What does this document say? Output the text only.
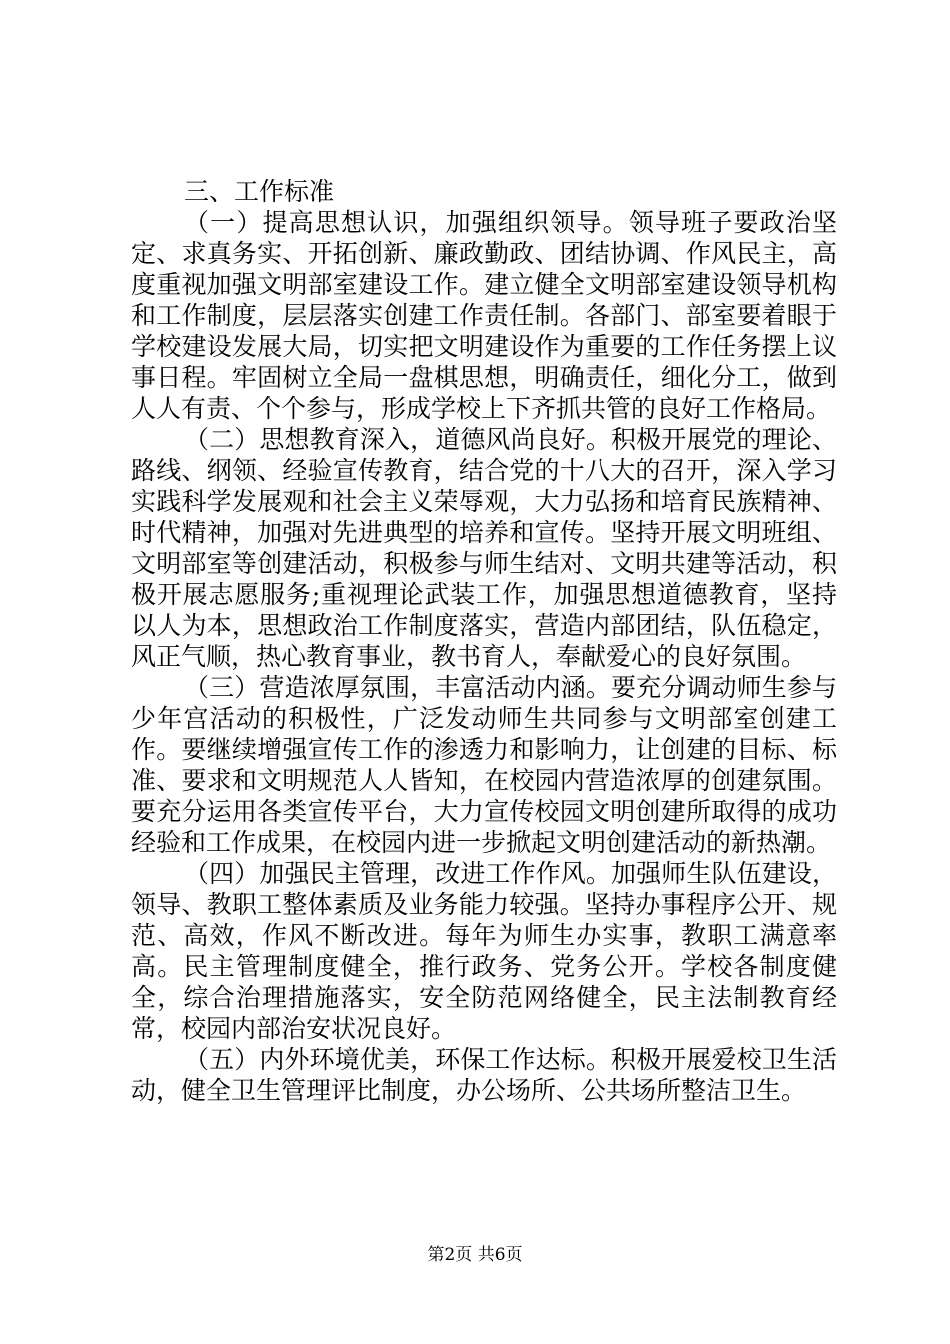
三、工作标准

（一）提高思想认识，加强组织领导。领导班子要政治坚定、求真务实、开拓创新、廉政勤政、团结协调、作风民主，高度重视加强文明部室建设工作。建立健全文明部室建设领导机构和工作制度，层层落实创建工作责任制。各部门、部室要着眼于学校建设发展大局，切实把文明建设作为重要的工作任务摆上议事日程。牢固树立全局一盘棋思想，明确责任，细化分工，做到人人有责、个个参与，形成学校上下齐抓共管的良好工作格局。

（二）思想教育深入，道德风尚良好。积极开展党的理论、路线、纲领、经验宣传教育，结合党的十八大的召开，深入学习实践科学发展观和社会主义荣辱观，大力弘扬和培育民族精神、时代精神，加强对先进典型的培养和宣传。坚持开展文明班组、文明部室等创建活动，积极参与师生结对、文明共建等活动，积极开展志愿服务;重视理论武装工作，加强思想道德教育，坚持以人为本，思想政治工作制度落实，营造内部团结，队伍稳定，风正气顺，热心教育事业，教书育人，奉献爱心的良好氛围。

（三）营造浓厚氛围，丰富活动内涵。要充分调动师生参与少年宫活动的积极性，广泛发动师生共同参与文明部室创建工作。要继续增强宣传工作的渗透力和影响力，让创建的目标、标准、要求和文明规范人人皆知，在校园内营造浓厚的创建氛围。要充分运用各类宣传平台，大力宣传校园文明创建所取得的成功经验和工作成果，在校园内进一步掀起文明创建活动的新热潮。

（四）加强民主管理，改进工作作风。加强师生队伍建设，领导、教职工整体素质及业务能力较强。坚持办事程序公开、规范、高效，作风不断改进。每年为师生办实事，教职工满意率高。民主管理制度健全，推行政务、党务公开。学校各制度健全，综合治理措施落实，安全防范网络健全，民主法制教育经常，校园内部治安状况良好。

（五）内外环境优美，环保工作达标。积极开展爱校卫生活动，健全卫生管理评比制度，办公场所、公共场所整洁卫生。

第2页 共6页
